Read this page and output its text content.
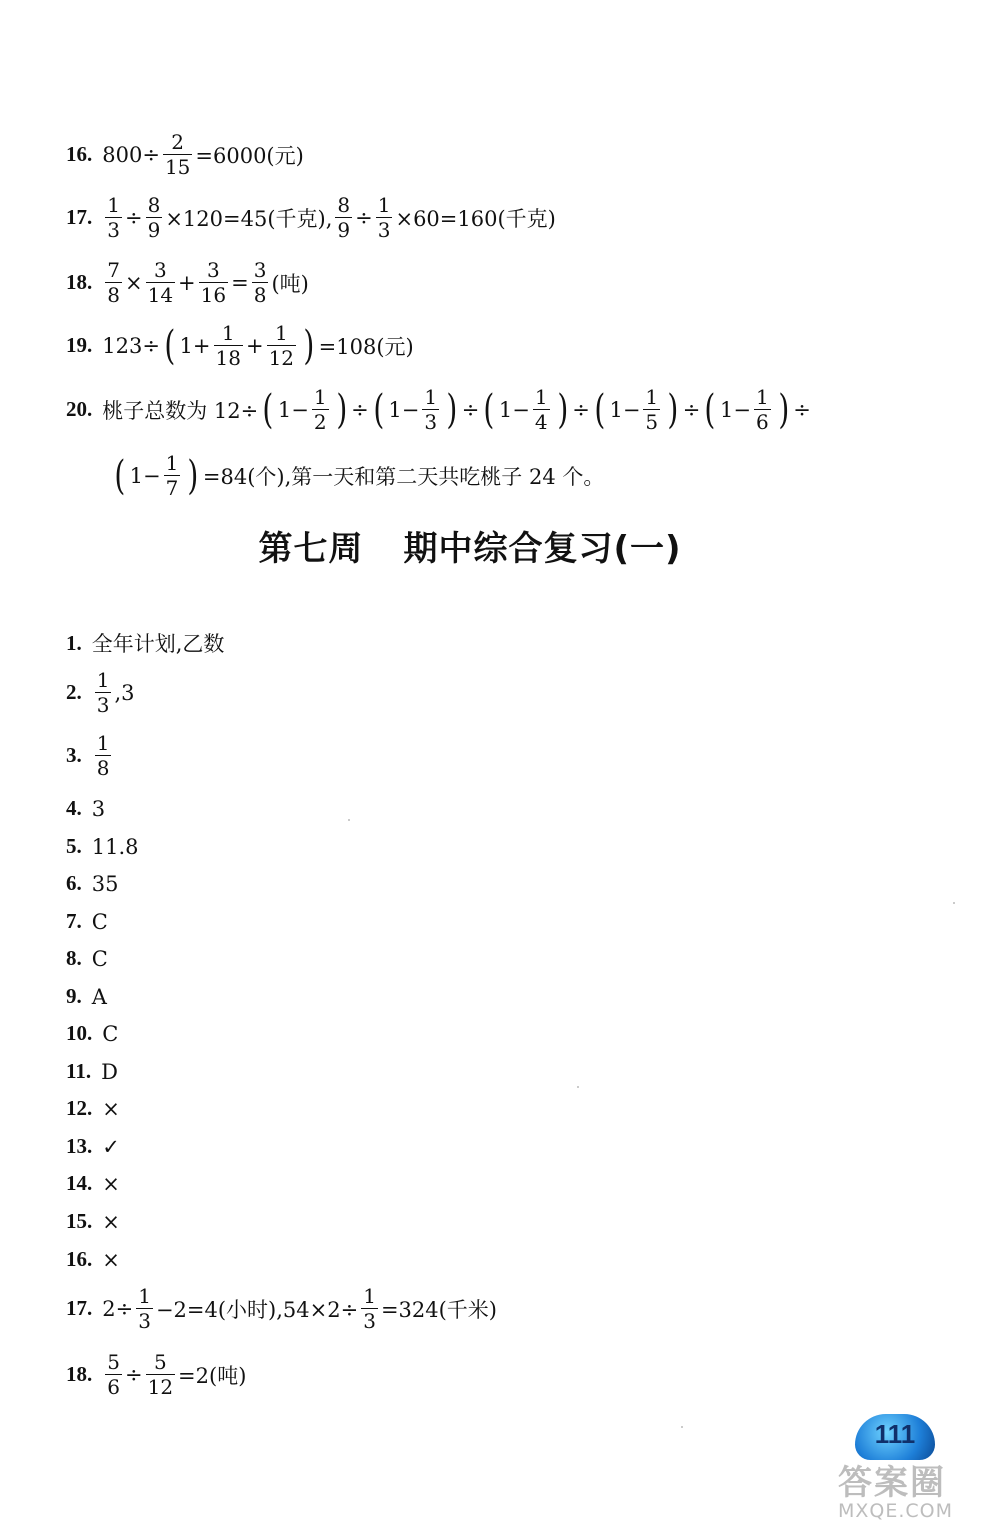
16. $800\div \frac{2}{15} =6000$(元)
17. $\frac{1}{3} \div \frac{8}{9} \times 120=45$(千克), $\frac{8}{9} \div \frac{1}{3} \times 60=160$(千克)
18. $\frac{7}{8} \times \frac{3}{14} + \frac{3}{16} = \frac{3}{8}$ (吨)
19. 123÷ ( $1+ \frac{1}{18} + \frac{1}{12}$ ) =108(元)
20. 桃子总数为 12÷ ( $1- \frac{1}{2}$ ) ÷ ( $1- \frac{1}{3}$ ) ÷ ( $1- \frac{1}{4}$ ) ÷ ( $1- \frac{1}{5}$ ) ÷ ( $1- \frac{1}{6}$ ) ÷
( $1- \frac{1}{7}$ ) =84(个),第一天和第二天共吃桃子 24 个。
第七周 期中综合复习(一)
1. 全年计划,乙数
2. $\frac{1}{3} ,3$
3. $\frac{1}{8}$
4. 3
5. 11.8
6. 35
7. C
8. C
9. A
10. C
11. D
12. ×
13. ✓
14. ×
15. ×
16. ×
17. $2\div \frac{1}{3} -2=4$(小时)$,54\times 2\div \frac{1}{3} =324$(千米)
18. $\frac{5}{6} \div \frac{5}{12} =2$(吨)
111
答案圈
MXQE.COM
